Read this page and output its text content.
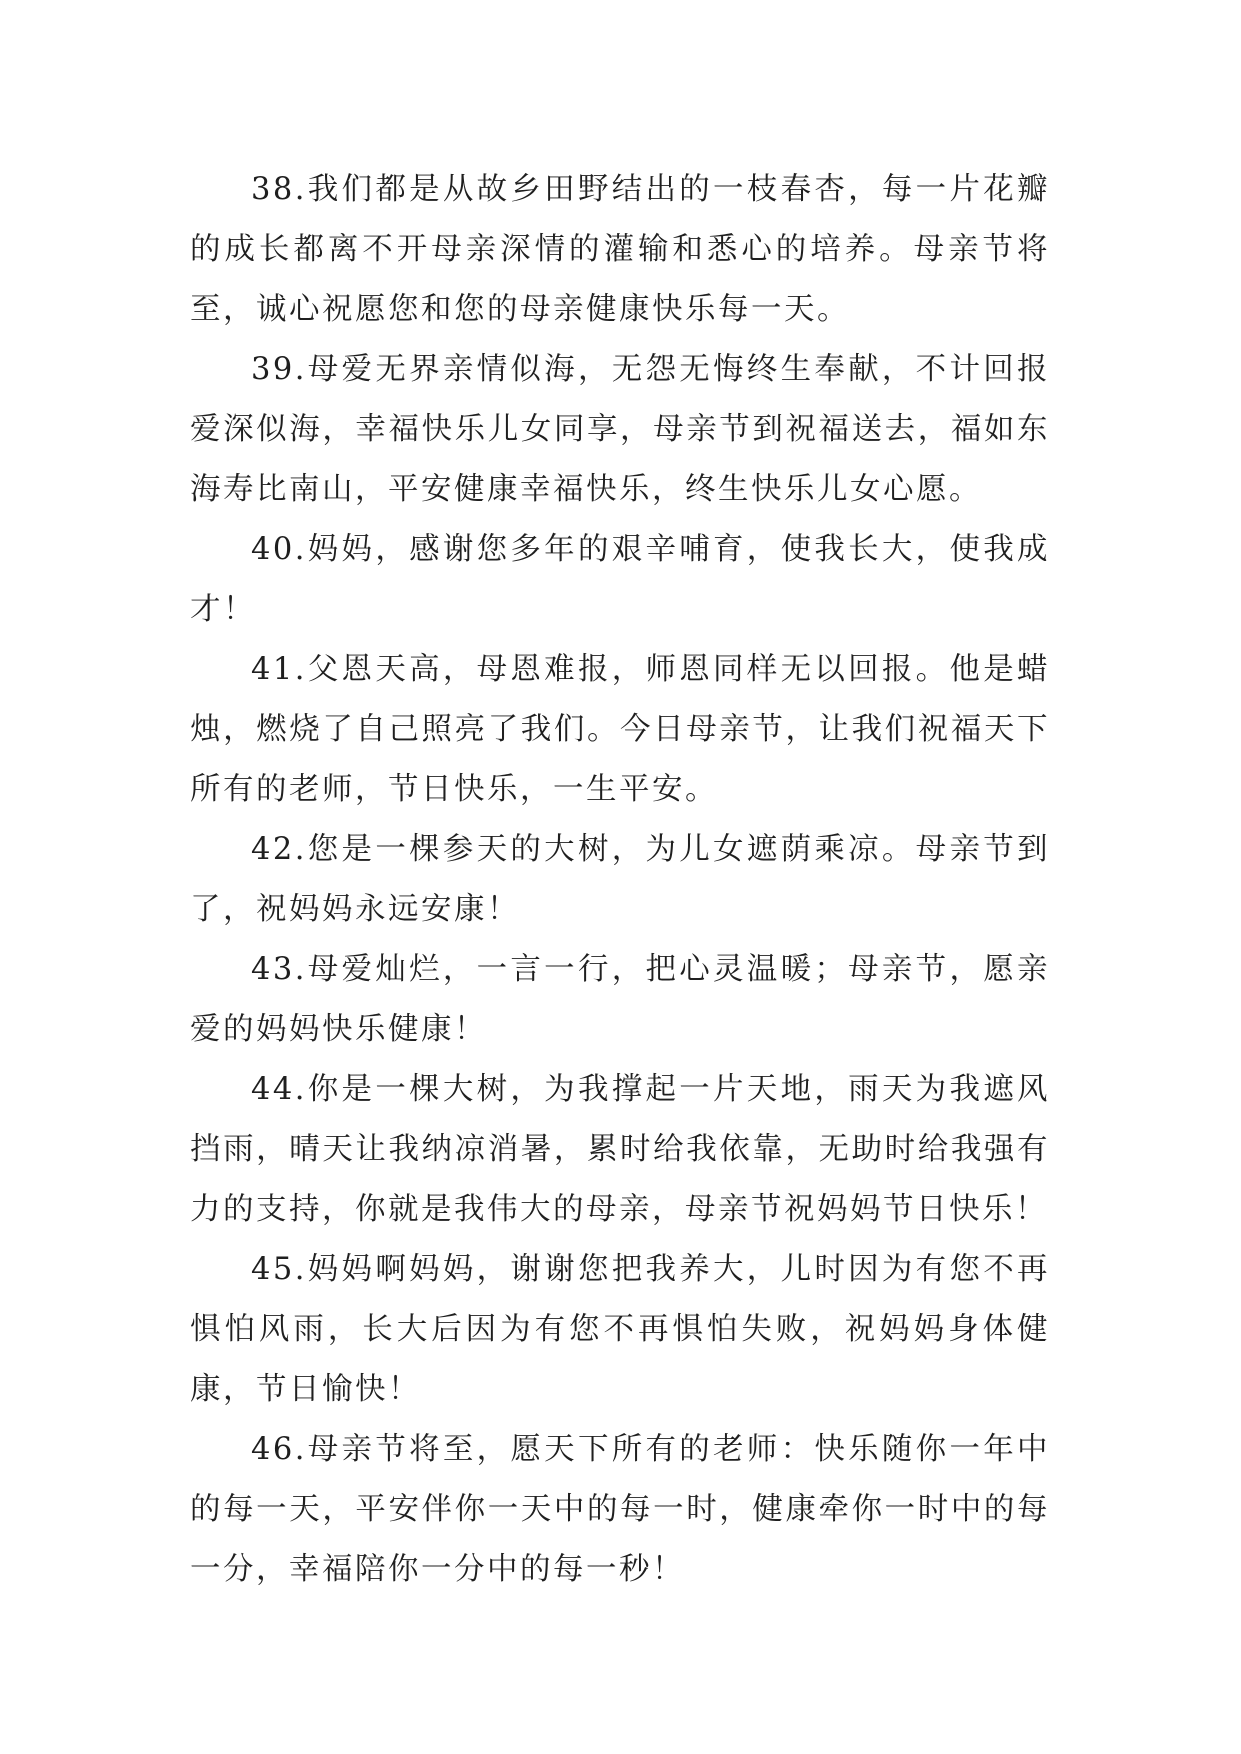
38.我们都是从故乡田野结出的一枝春杏，每一片花瓣的成长都离不开母亲深情的灌输和悉心的培养。母亲节将至，诚心祝愿您和您的母亲健康快乐每一天。

39.母爱无界亲情似海，无怨无悔终生奉献，不计回报爱深似海，幸福快乐儿女同享，母亲节到祝福送去，福如东海寿比南山，平安健康幸福快乐，终生快乐儿女心愿。

40.妈妈，感谢您多年的艰辛哺育，使我长大，使我成才！

41.父恩天高，母恩难报，师恩同样无以回报。他是蜡烛，燃烧了自己照亮了我们。今日母亲节，让我们祝福天下所有的老师，节日快乐，一生平安。

42.您是一棵参天的大树，为儿女遮荫乘凉。母亲节到了，祝妈妈永远安康！

43.母爱灿烂，一言一行，把心灵温暖；母亲节，愿亲爱的妈妈快乐健康！

44.你是一棵大树，为我撑起一片天地，雨天为我遮风挡雨，晴天让我纳凉消暑，累时给我依靠，无助时给我强有力的支持，你就是我伟大的母亲，母亲节祝妈妈节日快乐！

45.妈妈啊妈妈，谢谢您把我养大，儿时因为有您不再惧怕风雨，长大后因为有您不再惧怕失败，祝妈妈身体健康，节日愉快！

46.母亲节将至，愿天下所有的老师：快乐随你一年中的每一天，平安伴你一天中的每一时，健康牵你一时中的每一分，幸福陪你一分中的每一秒！
